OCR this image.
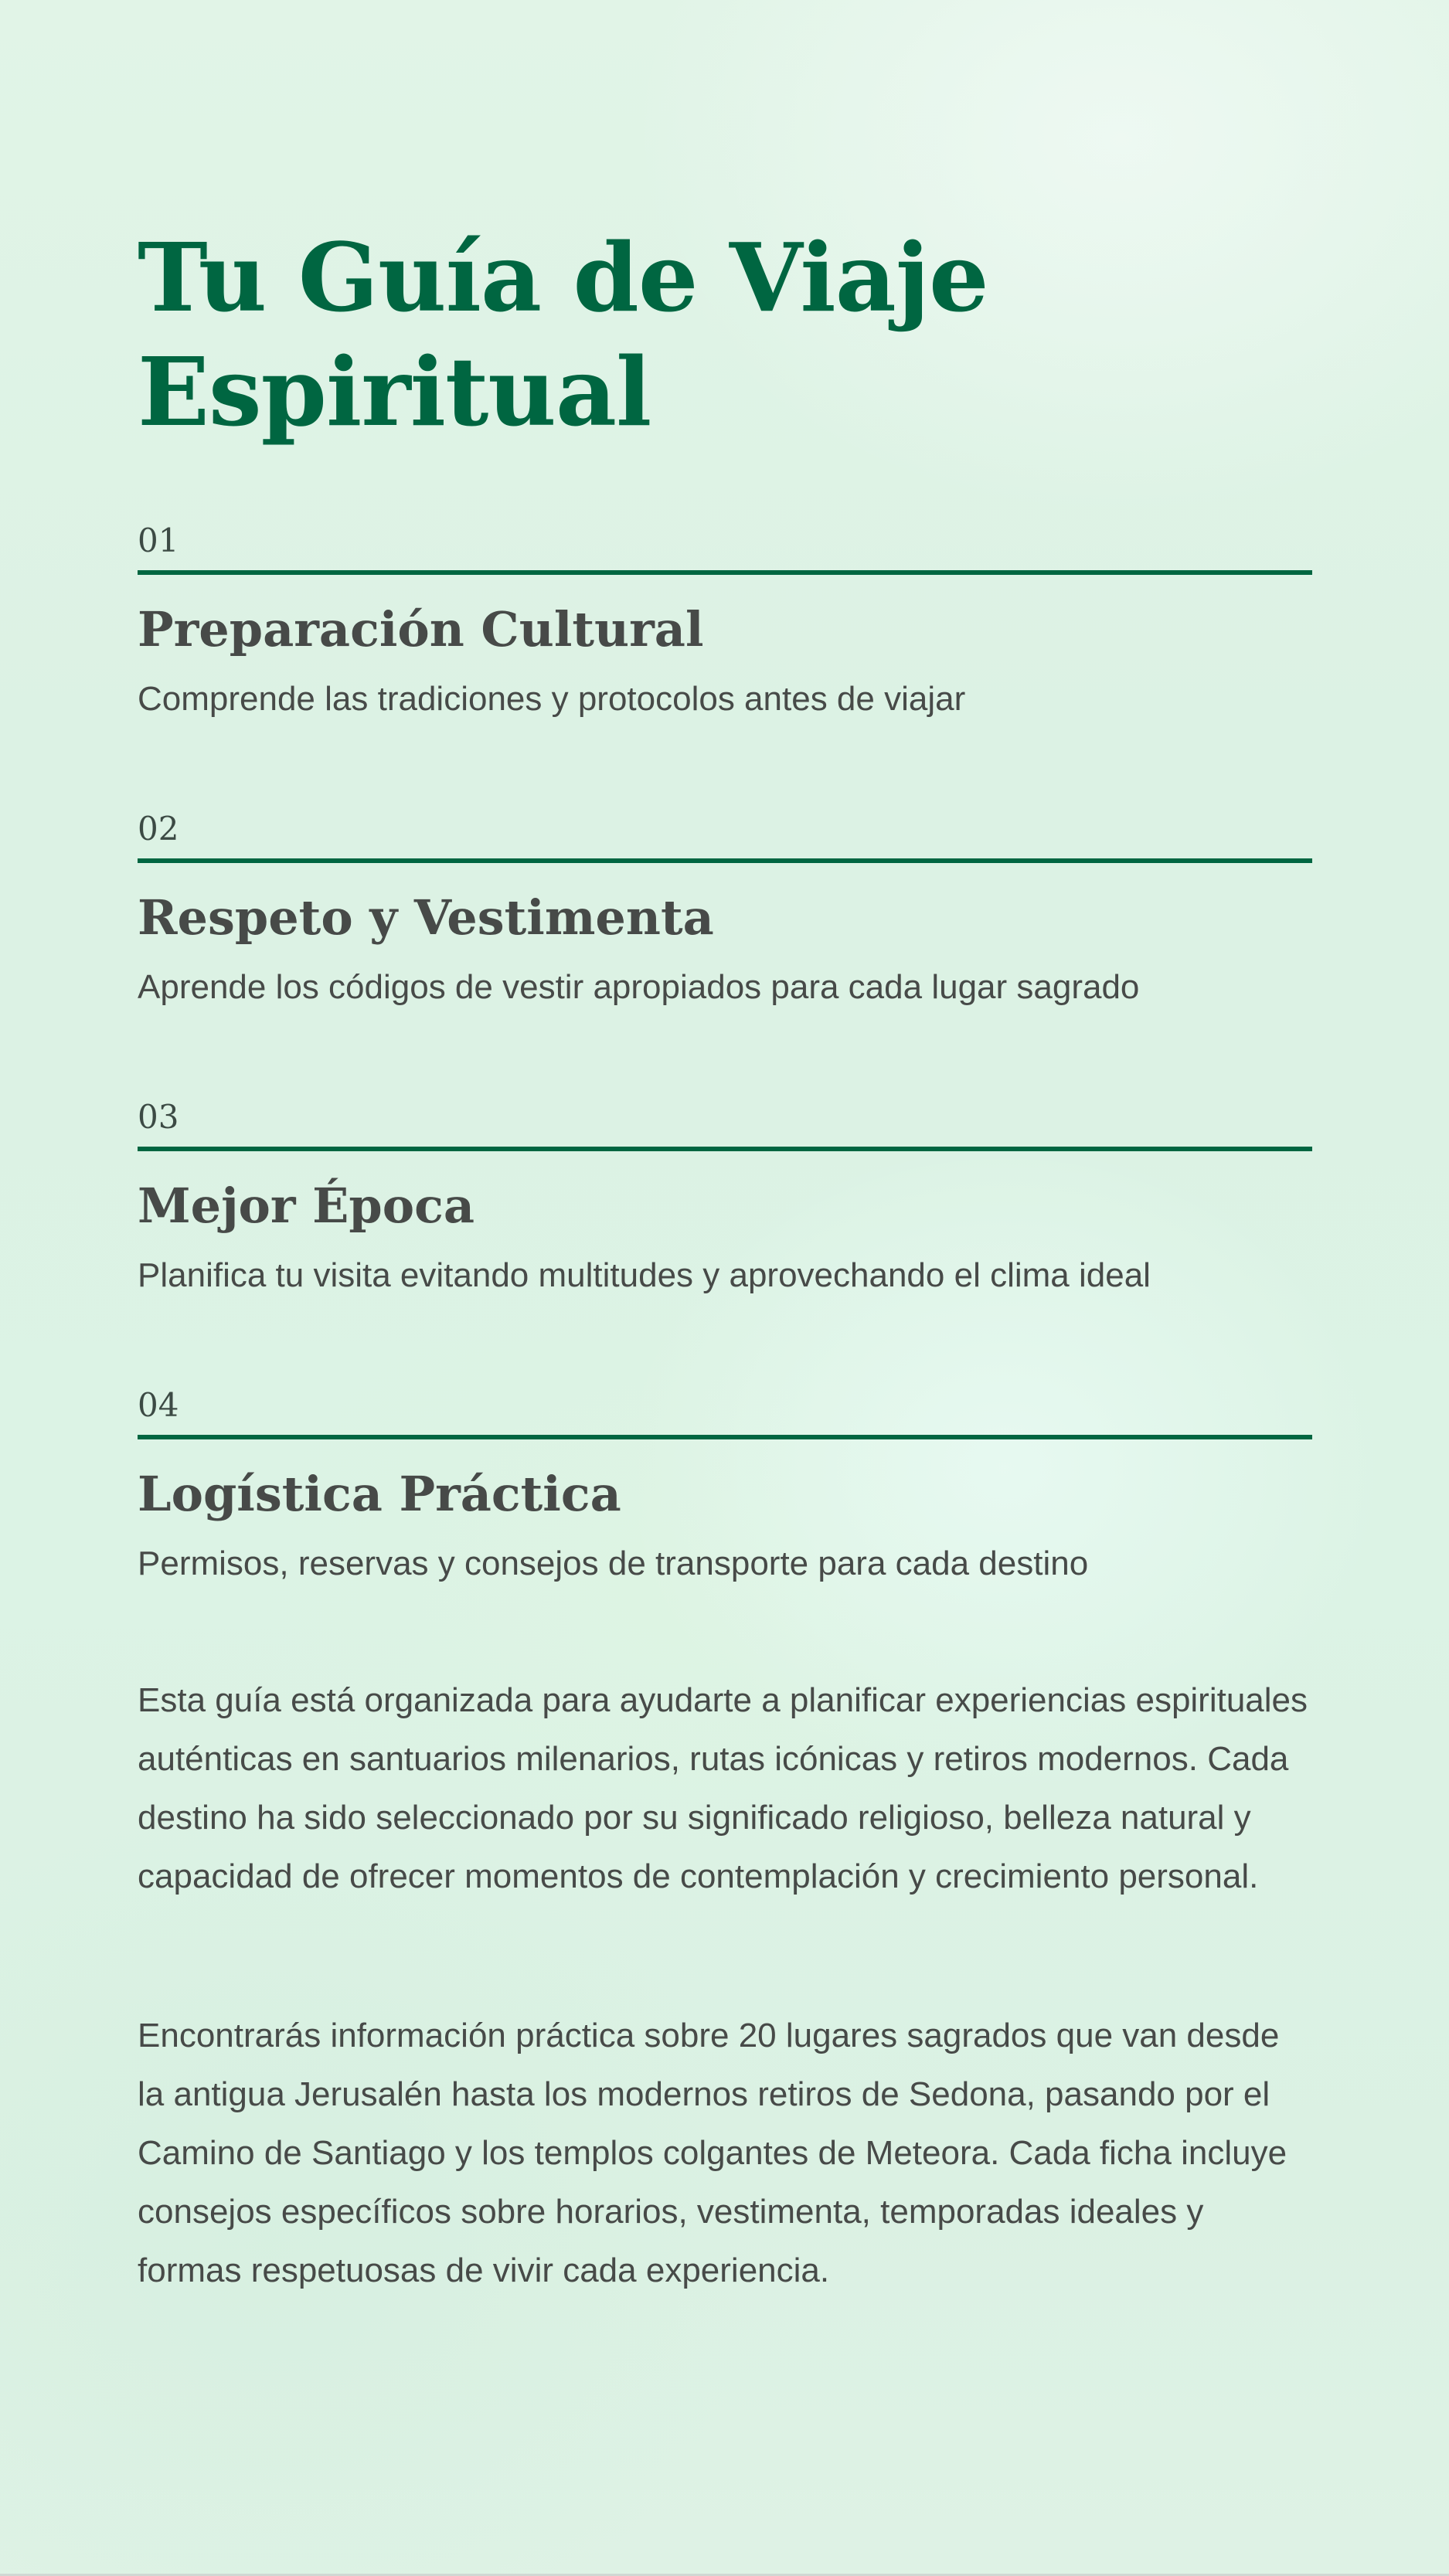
Tu Guía de Viaje Espiritual
01
Preparación Cultural

Comprende las tradiciones y protocolos antes de viajar

02
Respeto y Vestimenta

Aprende los códigos de vestir apropiados para cada lugar sagrado

03
Mejor Época

Planifica tu visita evitando multitudes y aprovechando el clima ideal

04
Logística Práctica

Permisos, reservas y consejos de transporte para cada destino

Esta guía está organizada para ayudarte a planificar experiencias espirituales auténticas en santuarios milenarios, rutas icónicas y retiros modernos. Cada destino ha sido seleccionado por su significado religioso, belleza natural y capacidad de ofrecer momentos de contemplación y crecimiento personal.

Encontrarás información práctica sobre 20 lugares sagrados que van desde la antigua Jerusalén hasta los modernos retiros de Sedona, pasando por el Camino de Santiago y los templos colgantes de Meteora. Cada ficha incluye consejos específicos sobre horarios, vestimenta, temporadas ideales y formas respetuosas de vivir cada experiencia.
